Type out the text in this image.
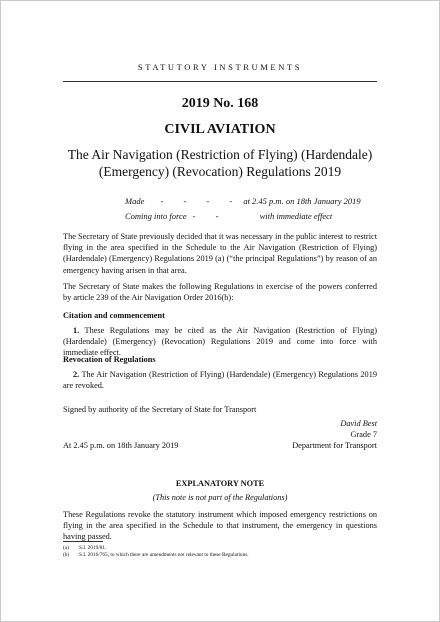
STATUTORY INSTRUMENTS
2019 No. 168
CIVIL AVIATION
The Air Navigation (Restriction of Flying) (Hardendale)
(Emergency) (Revocation) Regulations 2019
Made - - - - at 2.45 p.m. on 18th January 2019
Coming into force - -	with immediate effect
The Secretary of State previously decided that it was necessary in the public interest to restrict flying in the area specified in the Schedule to the Air Navigation (Restriction of Flying) (Hardendale) (Emergency) Regulations 2019 (a) (“the principal Regulations”) by reason of an emergency having arisen in that area.
The Secretary of State makes the following Regulations in exercise of the powers conferred by article 239 of the Air Navigation Order 2016(b):
Citation and commencement
1. These Regulations may be cited as the Air Navigation (Restriction of Flying) (Hardendale) (Emergency) (Revocation) Regulations 2019 and come into force with immediate effect.
Revocation of Regulations
2. The Air Navigation (Restriction of Flying) (Hardendale) (Emergency) Regulations 2019 are revoked.
Signed by authority of the Secretary of State for Transport
David Best
Grade 7
At 2.45 p.m. on 18th January 2019	Department for Transport
EXPLANATORY NOTE
(This note is not part of the Regulations)
These Regulations revoke the statutory instrument which imposed emergency restrictions on flying in the area specified in the Schedule to that instrument, the emergency in questions having passed.
(a) S.I. 2019/81.
(b) S.I. 2016/765, to which there are amendments not relevant to these Regulations.
